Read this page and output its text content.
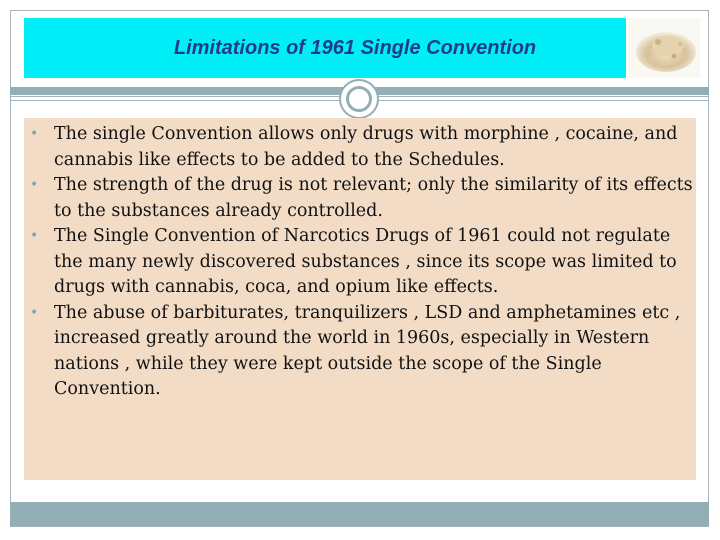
Limitations of 1961 Single Convention
• The single Convention allows only drugs with morphine , cocaine, and cannabis like effects to be added to the Schedules.
• The strength of the drug is not relevant; only the similarity of its effects to the substances already controlled.
• The Single Convention of Narcotics Drugs of 1961 could not regulate the many newly discovered substances , since its scope was limited to drugs with cannabis, coca, and opium like effects.
• The abuse of barbiturates, tranquilizers , LSD and amphetamines etc , increased greatly around the world in 1960s, especially in Western nations , while they were kept outside the scope of the Single Convention.
